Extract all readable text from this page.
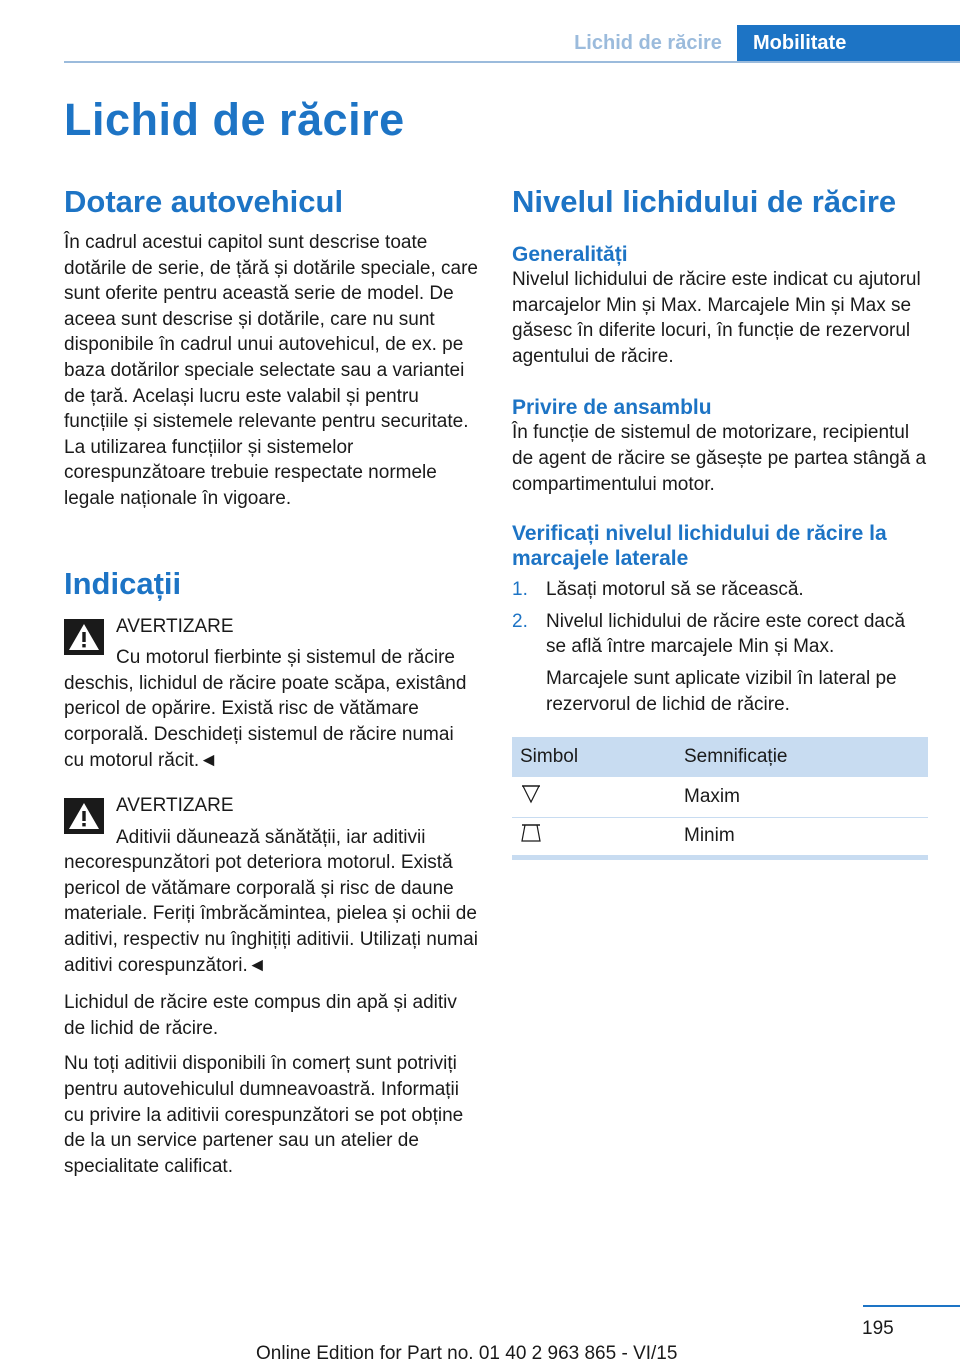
Lichid de răcire	Mobilitate
Lichid de răcire
Dotare autovehicul

În cadrul acestui capitol sunt descrise toate dotările de serie, de țără și dotările speciale, care sunt oferite pentru această serie de model. De aceea sunt descrise și dotările, care nu sunt disponibile în cadrul unui autovehicul, de ex. pe baza dotărilor speciale selectate sau a variantei de țară. Același lucru este valabil și pentru funcțiile și sistemele relevante pentru securitate. La utilizarea funcțiilor și sistemelor corespunzătoare trebuie respectate normele legale naționale în vigoare.

Indicații
AVERTIZARE

Cu motorul fierbinte și sistemul de răcire deschis, lichidul de răcire poate scăpa, existând pericol de opărire. Există risc de vătămare corporală. Deschideți sistemul de răcire numai cu motorul răcit.◄

AVERTIZARE

Aditivii dăunează sănătății, iar aditivii necorespunzători pot deteriora motorul. Există pericol de vătămare corporală și risc de daune materiale. Feriți îmbrăcămintea, pielea și ochii de aditivi, respectiv nu înghițiți aditivii. Utilizați numai aditivi corespunzători.◄

Lichidul de răcire este compus din apă și aditiv de lichid de răcire.

Nu toți aditivii disponibili în comerț sunt potriviți pentru autovehiculul dumneavoastră. Informații cu privire la aditivii corespunzători se pot obține de la un service partener sau un atelier de specialitate calificat.

Nivelul lichidului de răcire
Generalități

Nivelul lichidului de răcire este indicat cu ajutorul marcajelor Min și Max. Marcajele Min și Max se găsesc în diferite locuri, în funcție de rezervorul agentului de răcire.

Privire de ansamblu

În funcție de sistemul de motorizare, recipientul de agent de răcire se găsește pe partea stângă a compartimentului motor.

Verificați nivelul lichidului de răcire la marcajele laterale
1. Lăsați motorul să se răcească.
2. Nivelul lichidului de răcire este corect dacă se află între marcajele Min și Max.
Marcajele sunt aplicate vizibil în lateral pe rezervorul de lichid de răcire.
Simbol	Semnificație
	Maxim
	Minim
195
Online Edition for Part no. 01 40 2 963 865 - VI/15
